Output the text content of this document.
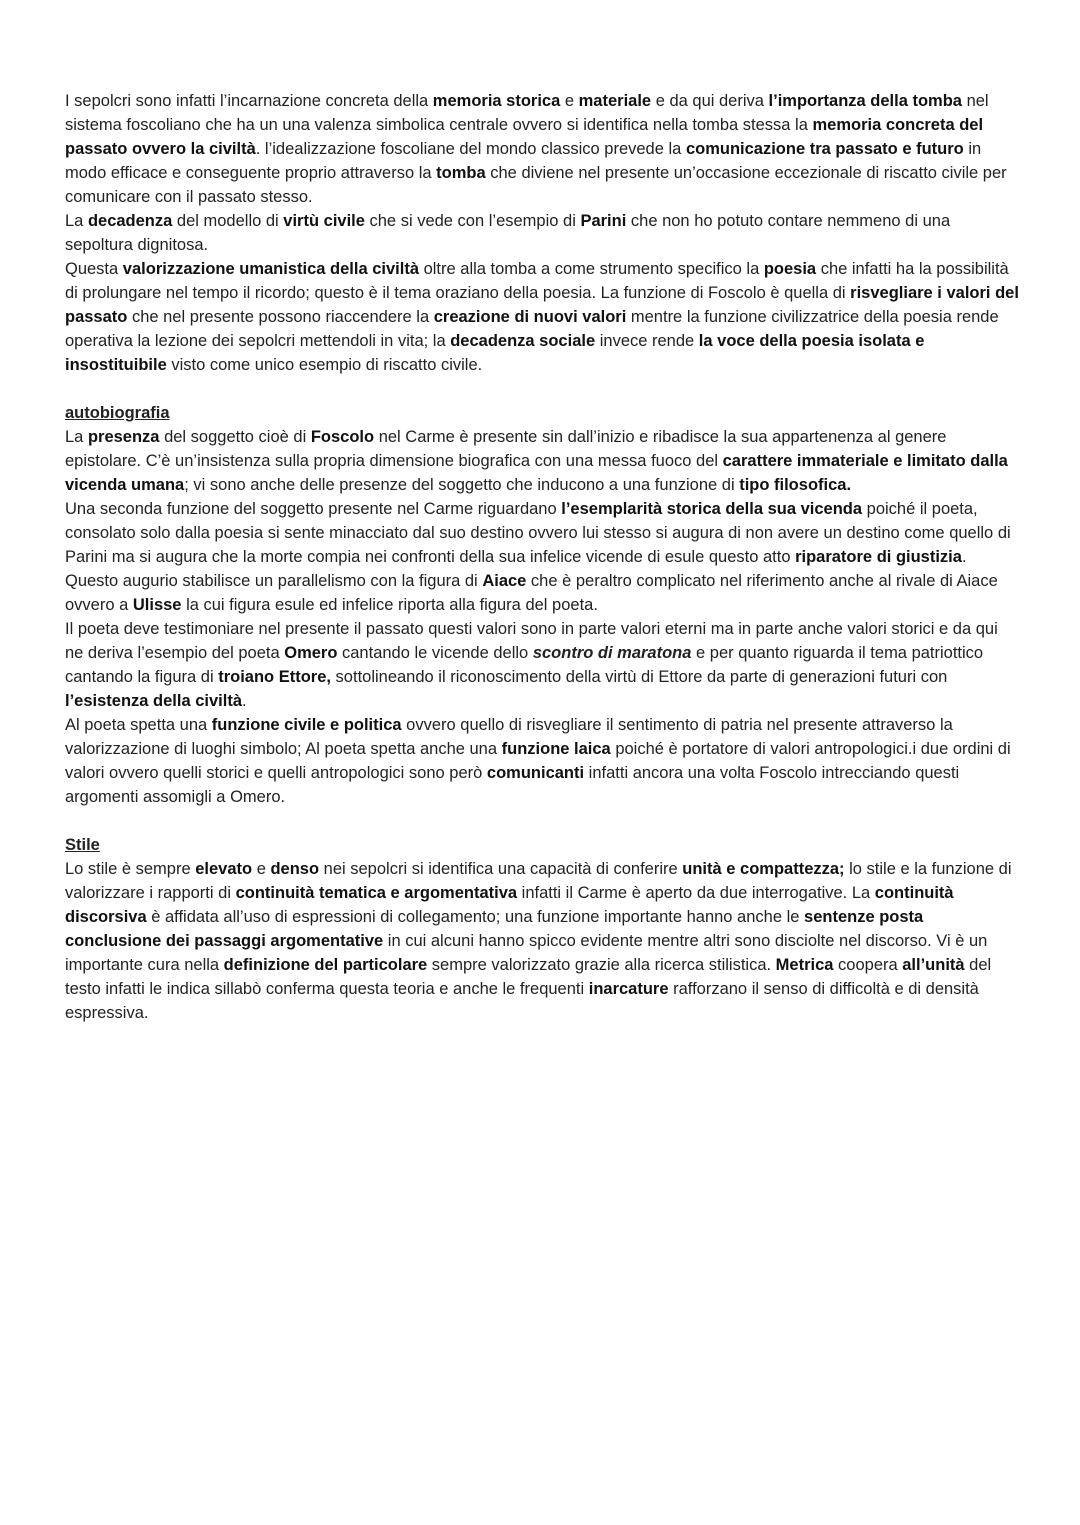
I sepolcri sono infatti l’incarnazione concreta della memoria storica e materiale e da qui deriva l’importanza della tomba nel sistema foscoliano che ha un una valenza simbolica centrale ovvero si identifica nella tomba stessa la memoria concreta del passato ovvero la civiltà. l’idealizzazione foscoliane del mondo classico prevede la comunicazione tra passato e futuro in modo efficace e conseguente proprio attraverso la tomba che diviene nel presente un’occasione eccezionale di riscatto civile per comunicare con il passato stesso.

La decadenza del modello di virtù civile che si vede con l’esempio di Parini che non ho potuto contare nemmeno di una sepoltura dignitosa.

Questa valorizzazione umanistica della civiltà oltre alla tomba a come strumento specifico la poesia che infatti ha la possibilità di prolungare nel tempo il ricordo; questo è il tema oraziano della poesia. La funzione di Foscolo è quella di risvegliare i valori del passato che nel presente possono riaccendere la creazione di nuovi valori mentre la funzione civilizzatrice della poesia rende operativa la lezione dei sepolcri mettendoli in vita; la decadenza sociale invece rende la voce della poesia isolata e insostituibile visto come unico esempio di riscatto civile.

autobiografia

La presenza del soggetto cioè di Foscolo nel Carme è presente sin dall’inizio e ribadisce la sua appartenenza al genere epistolare. C’è un’insistenza sulla propria dimensione biografica con una messa fuoco del carattere immateriale e limitato dalla vicenda umana; vi sono anche delle presenze del soggetto che inducono a una funzione di tipo filosofica.

Una seconda funzione del soggetto presente nel Carme riguardano l’esemplarità storica della sua vicenda poiché il poeta, consolato solo dalla poesia si sente minacciato dal suo destino ovvero lui stesso si augura di non avere un destino come quello di Parini ma si augura che la morte compia nei confronti della sua infelice vicende di esule questo atto riparatore di giustizia.

Questo augurio stabilisce un parallelismo con la figura di Aiace che è peraltro complicato nel riferimento anche al rivale di Aiace ovvero a Ulisse la cui figura esule ed infelice riporta alla figura del poeta.

Il poeta deve testimoniare nel presente il passato questi valori sono in parte valori eterni ma in parte anche valori storici e da qui ne deriva l’esempio del poeta Omero cantando le vicende dello scontro di maratona e per quanto riguarda il tema patriottico cantando la figura di troiano Ettore, sottolineando il riconoscimento della virtù di Ettore da parte di generazioni futuri con l’esistenza della civiltà.

Al poeta spetta una funzione civile e politica ovvero quello di risvegliare il sentimento di patria nel presente attraverso la valorizzazione di luoghi simbolo; Al poeta spetta anche una funzione laica poiché è portatore di valori antropologici.i due ordini di valori ovvero quelli storici e quelli antropologici sono però comunicanti infatti ancora una volta Foscolo intrecciando questi argomenti assomigli a Omero.

Stile

Lo stile è sempre elevato e denso nei sepolcri si identifica una capacità di conferire unità e compattezza; lo stile e la funzione di valorizzare i rapporti di continuità tematica e argomentativa infatti il Carme è aperto da due interrogative. La continuità discorsiva è affidata all’uso di espressioni di collegamento; una funzione importante hanno anche le sentenze posta conclusione dei passaggi argomentative in cui alcuni hanno spicco evidente mentre altri sono disciolte nel discorso. Vi è un importante cura nella definizione del particolare sempre valorizzato grazie alla ricerca stilistica. Metrica coopera all’unità del testo infatti le indica sillabò conferma questa teoria e anche le frequenti inarcature rafforzano il senso di difficoltà e di densità espressiva.
